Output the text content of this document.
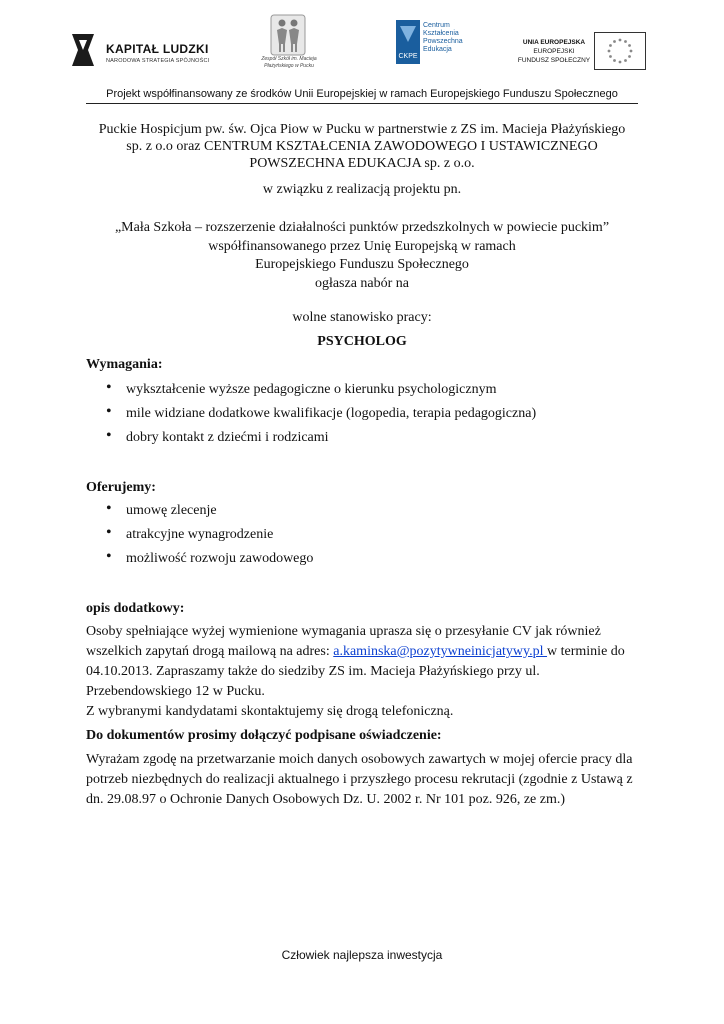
KAPITAŁ LUDZKI
NARODOWA STRATEGIA SPÓJNOŚCI	Zespół Szkół im. Macieja Płażyńskiego w Pucku
CKPE
Centrum
Kształcenia
Powszechna
Edukacja
UNIA EUROPEJSKA
EUROPEJSKI
FUNDUSZ SPOŁECZNY
Projekt współfinansowany ze środków Unii Europejskiej w ramach Europejskiego Funduszu Społecznego
Puckie Hospicjum pw. św. Ojca Piow w Pucku w partnerstwie z ZS im. Macieja Płażyńskiego
sp. z o.o oraz CENTRUM KSZTAŁCENIA ZAWODOWEGO I USTAWICZNEGO
POWSZECHNA EDUKACJA sp. z o.o.
w związku z realizacją projektu pn.
„Mała Szkoła – rozszerzenie działalności punktów przedszkolnych w powiecie puckim”
współfinansowanego przez Unię Europejską w ramach
Europejskiego Funduszu Społecznego
ogłasza nabór na
wolne stanowisko pracy:
PSYCHOLOG
Wymagania:
• wykształcenie wyższe pedagogiczne o kierunku psychologicznym
• mile widziane dodatkowe kwalifikacje (logopedia, terapia pedagogiczna)
• dobry kontakt z dziećmi i rodzicami
Oferujemy:
• umowę zlecenje
• atrakcyjne wynagrodzenie
• możliwość rozwoju zawodowego
opis dodatkowy:
Osoby spełniające wyżej wymienione wymagania uprasza się o przesyłanie CV jak również wszelkich zapytań drogą mailową na adres: a.kaminska@pozytywneinicjatywy.pl w terminie do 04.10.2013. Zapraszamy także do siedziby ZS im. Macieja Płażyńskiego przy ul. Przebendowskiego 12 w Pucku.
Z wybranymi kandydatami skontaktujemy się drogą telefoniczną.
Do dokumentów prosimy dołączyć podpisane oświadczenie:
Wyrażam zgodę na przetwarzanie moich danych osobowych zawartych w mojej ofercie pracy dla potrzeb niezbędnych do realizacji aktualnego i przyszłego procesu rekrutacji (zgodnie z Ustawą z dn. 29.08.97 o Ochronie Danych Osobowych Dz. U. 2002 r. Nr 101 poz. 926, ze zm.)
Człowiek najlepsza inwestycja
